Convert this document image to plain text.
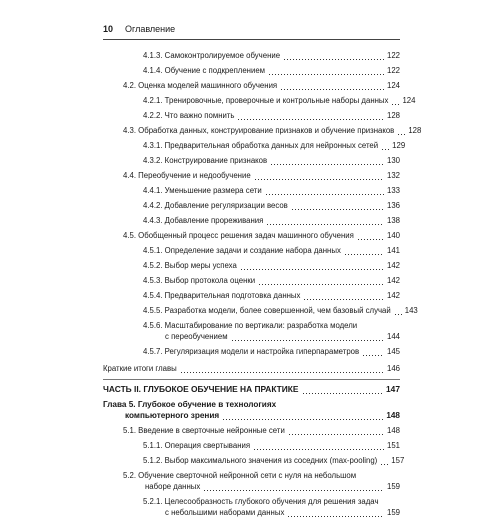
10	Оглавление
4.1.3. Самоконтролируемое обучение	122
4.1.4. Обучение с подкреплением	122
4.2. Оценка моделей машинного обучения	124
4.2.1. Тренировочные, проверочные и контрольные наборы данных 124
4.2.2. Что важно помнить	128
4.3. Обработка данных, конструирование признаков и обучение признаков 128
4.3.1. Предварительная обработка данных для нейронных сетей 129
4.3.2. Конструирование признаков	130
4.4. Переобучение и недообучение	132
4.4.1. Уменьшение размера сети	133
4.4.2. Добавление регуляризации весов	136
4.4.3. Добавление прореживания	138
4.5. Обобщенный процесс решения задач машинного обучения	140
4.5.1. Определение задачи и создание набора данных	141
4.5.2. Выбор меры успеха	142
4.5.3. Выбор протокола оценки	142
4.5.4. Предварительная подготовка данных	142
4.5.5. Разработка модели, более совершенной, чем базовый случай 143
4.5.6. Масштабирование по вертикали: разработка модели
с переобучением	144
4.5.7. Регуляризация модели и настройка гиперпараметров	145
Краткие итоги главы	146
ЧАСТЬ II. ГЛУБОКОЕ ОБУЧЕНИЕ НА ПРАКТИКЕ	147
Глава 5. Глубокое обучение в технологиях
компьютерного зрения	148
5.1. Введение в сверточные нейронные сети	148
5.1.1. Операция свертывания	151
5.1.2. Выбор максимального значения из соседних (max-pooling) 157
5.2. Обучение сверточной нейронной сети с нуля на небольшом
наборе данных	159
5.2.1. Целесообразность глубокого обучения для решения задач
с небольшими наборами данных	159
